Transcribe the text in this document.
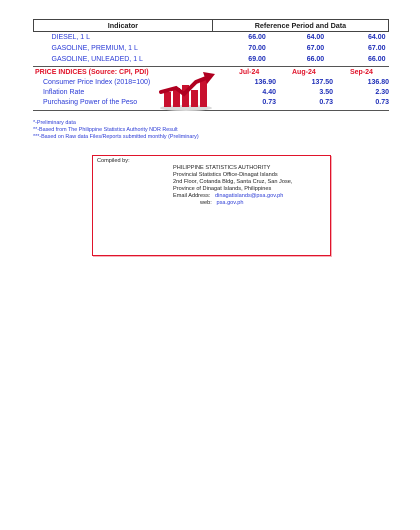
Indicator	Reference Period and Data		
DIESEL, 1 L	66.00	64.00	64.00
GASOLINE, PREMIUM, 1 L	70.00	67.00	67.00
GASOLINE, UNLEADED, 1 L	69.00	66.00	66.00
PRICE INDICES (Source: CPI, PDI)	Jul-24	Aug-24	Sep-24
Consumer Price Index (2018=100)	136.90	137.50	136.80
Inflation Rate	4.40	3.50	2.30
Purchasing Power of the Peso	0.73	0.73	0.73
*-Preliminary data
**-Based from The Philippine Statistics Authority NDR Result
***-Based on Raw data Files/Reports submitted monthly (Preliminary)
Compiled by:
PHILIPPINE STATISTICS AUTHORITY
Provincial Statistics Office-Dinagat Islands
2nd Floor, Cotanda Bldg, Santa Cruz, San Jose,
Province of Dinagat Islands, Philippines
Email Address: dinagatislands@psa.gov.ph
web: psa.gov.ph
